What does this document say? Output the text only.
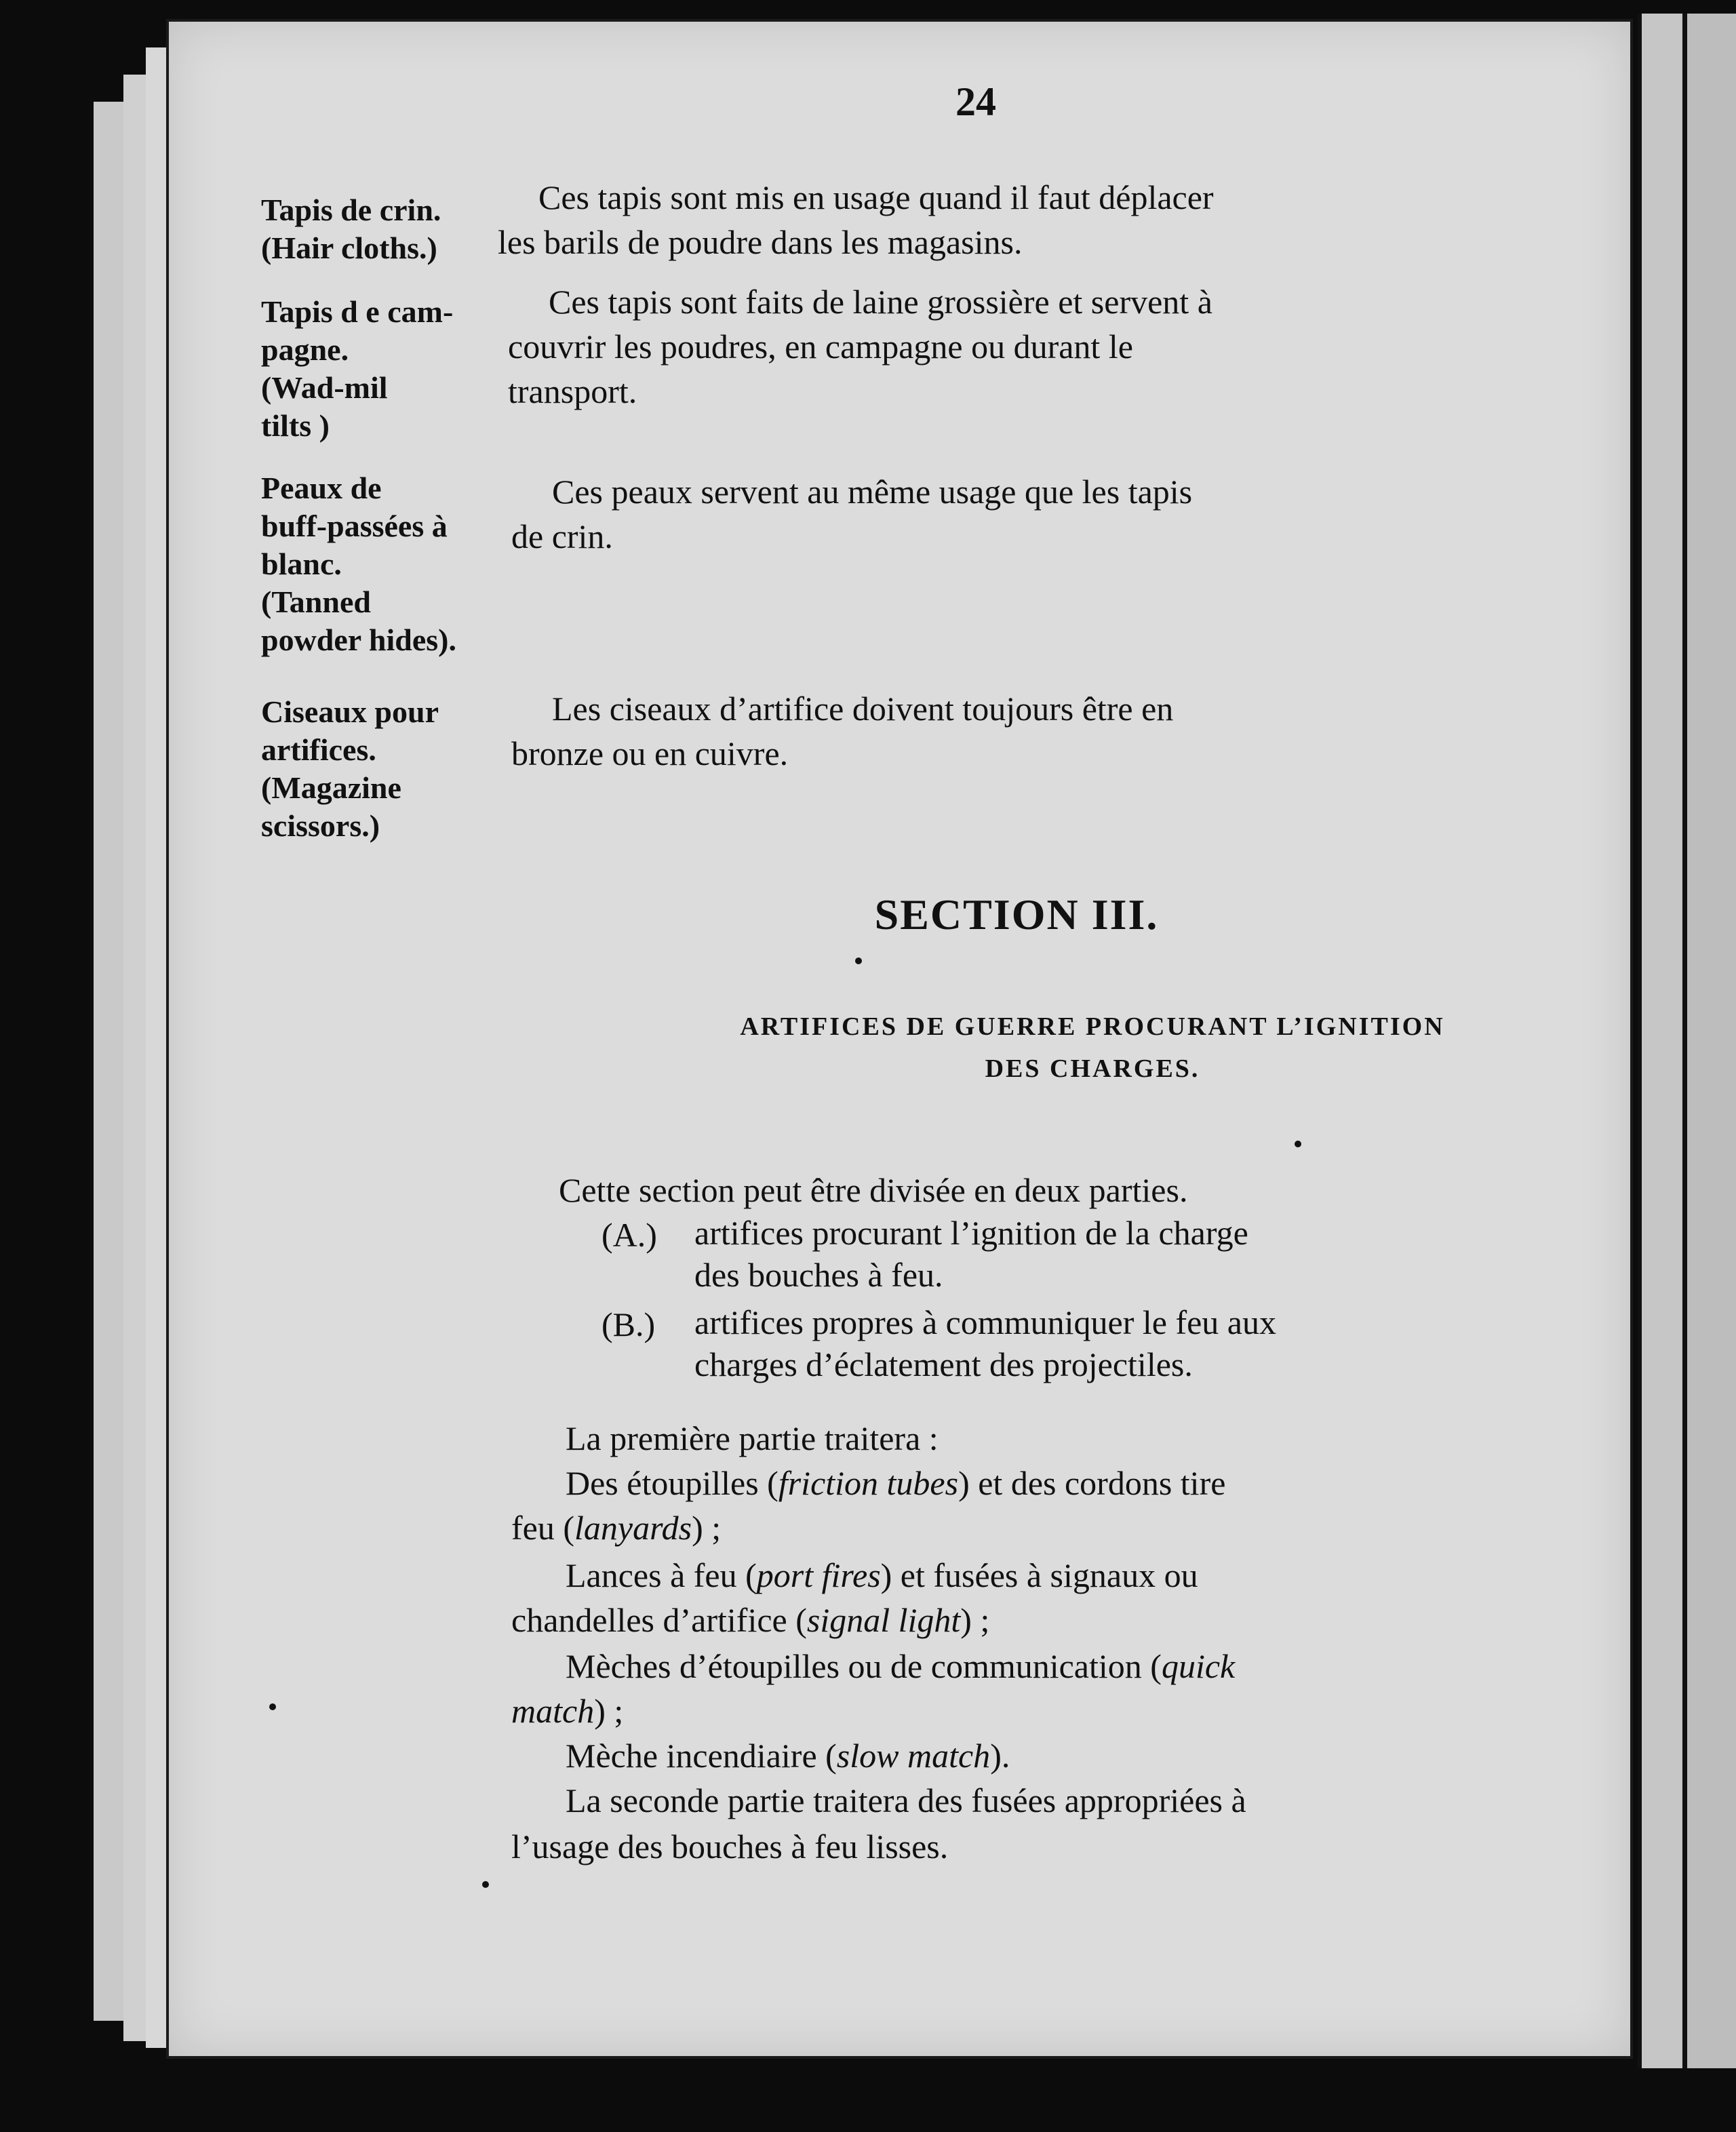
24
Tapis de crin.
(Hair cloths.)
Tapis d e cam-
pagne.
(Wad-mil
tilts )
Peaux de
buff-passées à
blanc.
(Tanned
powder hides).
Ciseaux pour
artifices.
(Magazine
scissors.)
Ces tapis sont mis en usage quand il faut déplacer
les barils de poudre dans les magasins.
Ces tapis sont faits de laine grossière et servent à
couvrir les poudres, en campagne ou durant le
transport.
Ces peaux servent au même usage que les tapis
de crin.
Les ciseaux d’artifice doivent toujours être en
bronze ou en cuivre.
SECTION III.
ARTIFICES DE GUERRE PROCURANT L’IGNITION
DES CHARGES.
Cette section peut être divisée en deux parties.
(A.) artifices procurant l’ignition de la charge
des bouches à feu.
(B.) artifices propres à communiquer le feu aux
charges d’éclatement des projectiles.
La première partie traitera :
Des étoupilles (friction tubes) et des cordons tire
feu (lanyards) ;
Lances à feu (port fires) et fusées à signaux ou
chandelles d’artifice (signal light) ;
Mèches d’étoupilles ou de communication (quick
match) ;
Mèche incendiaire (slow match).
La seconde partie traitera des fusées appropriées à
l’usage des bouches à feu lisses.
